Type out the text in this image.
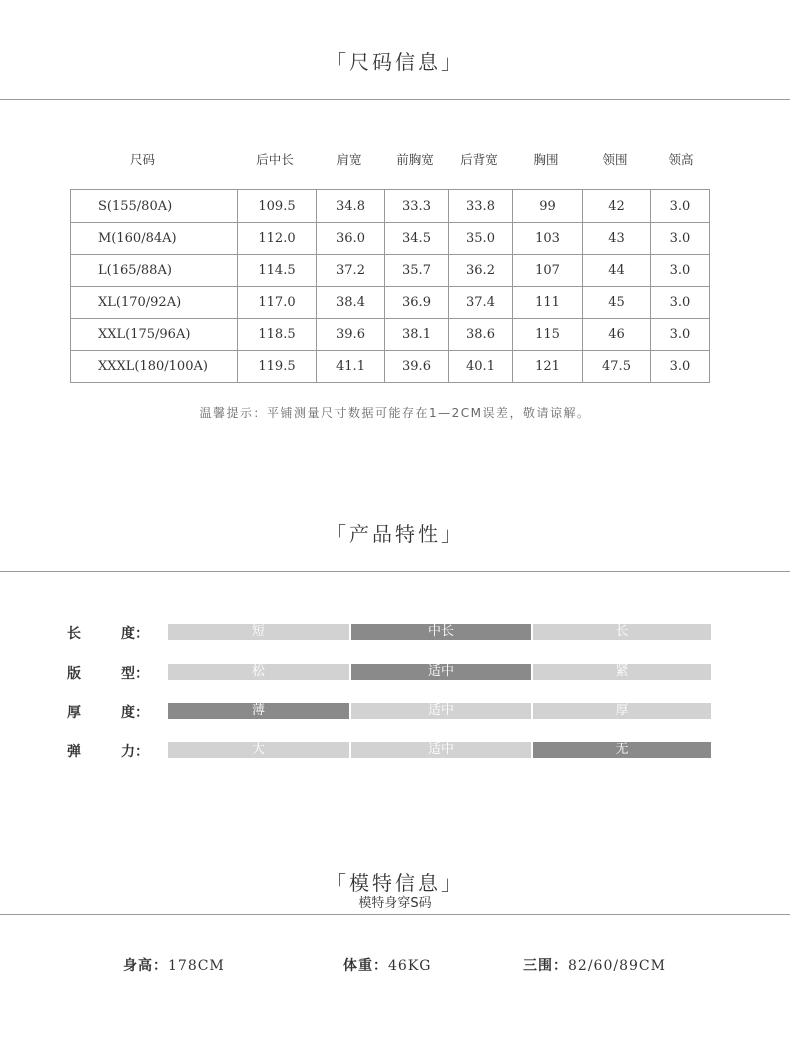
「尺码信息」
尺码	后中长	肩宽	前胸宽	后背宽	胸围	领围	领高
S(155/80A)	109.5	34.8	33.3	33.8	99	42	3.0
M(160/84A)	112.0	36.0	34.5	35.0	103	43	3.0
L(165/88A)	114.5	37.2	35.7	36.2	107	44	3.0
XL(170/92A)	117.0	38.4	36.9	37.4	111	45	3.0
XXL(175/96A)	118.5	39.6	38.1	38.6	115	46	3.0
XXXL(180/100A)	119.5	41.1	39.6	40.1	121	47.5	3.0
温馨提示：平铺测量尺寸数据可能存在1—2CM误差，敬请谅解。
「产品特性」
长	度：	短	中长	长
版	型：	松	适中	紧
厚	度：	薄	适中	厚
弹	力：	大	适中	无
「模特信息」
模特身穿S码
身高：178CM	体重：46KG	三围：82/60/89CM
